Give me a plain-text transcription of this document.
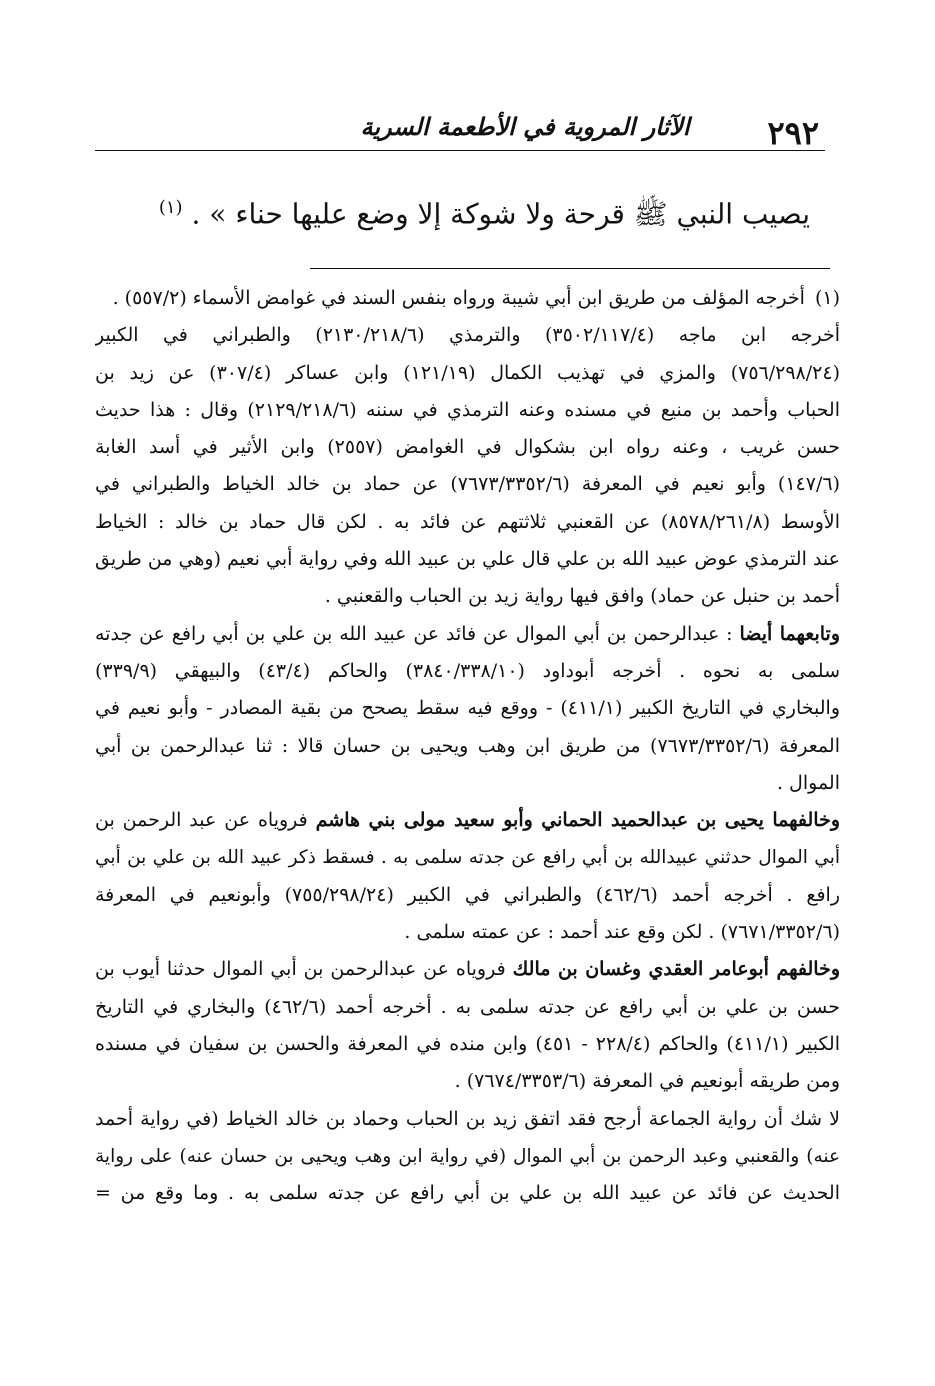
٢٩٢
الآثار المروية في الأطعمة السرية
يصيب النبي ﷺ قرحة ولا شوكة إلا وضع عليها حناء » . $^{(١)}$
(١) أخرجه المؤلف من طريق ابن أبي شيبة ورواه بنفس السند في غوامض الأسماء (٥٥٧/٢) .
أخرجه ابن ماجه (٣٥٠٢/١١٧/٤) والترمذي (٢١٣٠/٢١٨/٦) والطبراني في الكبير
(٧٥٦/٢٩٨/٢٤) والمزي في تهذيب الكمال (١٢١/١٩) وابن عساكر (٣٠٧/٤) عن زيد بن
الحباب وأحمد بن منيع في مسنده وعنه الترمذي في سننه (٢١٢٩/٢١٨/٦) وقال : هذا حديث
حسن غريب ، وعنه رواه ابن بشكوال في الغوامض (٢٥٥٧) وابن الأثير في أسد الغابة
(١٤٧/٦) وأبو نعيم في المعرفة (٧٦٧٣/٣٣٥٢/٦) عن حماد بن خالد الخياط والطبراني في
الأوسط (٨٥٧٨/٢٦١/٨) عن القعنبي ثلاثتهم عن فائد به . لكن قال حماد بن خالد : الخياط
عند الترمذي عوض عبيد الله بن علي قال علي بن عبيد الله وفي رواية أبي نعيم (وهي من طريق
أحمد بن حنبل عن حماد) وافق فيها رواية زيد بن الحباب والقعنبي .
وتابعهما أيضا : عبدالرحمن بن أبي الموال عن فائد عن عبيد الله بن علي بن أبي رافع عن جدته
سلمى به نحوه . أخرجه أبوداود (٣٨٤٠/٣٣٨/١٠) والحاكم (٤٣/٤) والبيهقي (٣٣٩/٩)
والبخاري في التاريخ الكبير (٤١١/١) - ووقع فيه سقط يصحح من بقية المصادر - وأبو نعيم في
المعرفة (٧٦٧٣/٣٣٥٢/٦) من طريق ابن وهب ويحيى بن حسان قالا : ثنا عبدالرحمن بن أبي
الموال .
وخالفهما يحيى بن عبدالحميد الحماني وأبو سعيد مولى بني هاشم فروياه عن عبد الرحمن بن
أبي الموال حدثني عبيدالله بن أبي رافع عن جدته سلمى به . فسقط ذكر عبيد الله بن علي بن أبي
رافع . أخرجه أحمد (٤٦٢/٦) والطبراني في الكبير (٧٥٥/٢٩٨/٢٤) وأبونعيم في المعرفة
(٧٦٧١/٣٣٥٢/٦) . لكن وقع عند أحمد : عن عمته سلمى .
وخالفهم أبوعامر العقدي وغسان بن مالك فروياه عن عبدالرحمن بن أبي الموال حدثنا أيوب بن
حسن بن علي بن أبي رافع عن جدته سلمى به . أخرجه أحمد (٤٦٢/٦) والبخاري في التاريخ
الكبير (٤١١/١) والحاكم (٢٢٨/٤ - ٤٥١) وابن منده في المعرفة والحسن بن سفيان في مسنده
ومن طريقه أبونعيم في المعرفة (٧٦٧٤/٣٣٥٣/٦) .
لا شك أن رواية الجماعة أرجح فقد اتفق زيد بن الحباب وحماد بن خالد الخياط (في رواية أحمد
عنه) والقعنبي وعبد الرحمن بن أبي الموال (في رواية ابن وهب ويحيى بن حسان عنه) على رواية
الحديث عن فائد عن عبيد الله بن علي بن أبي رافع عن جدته سلمى به . وما وقع من =
